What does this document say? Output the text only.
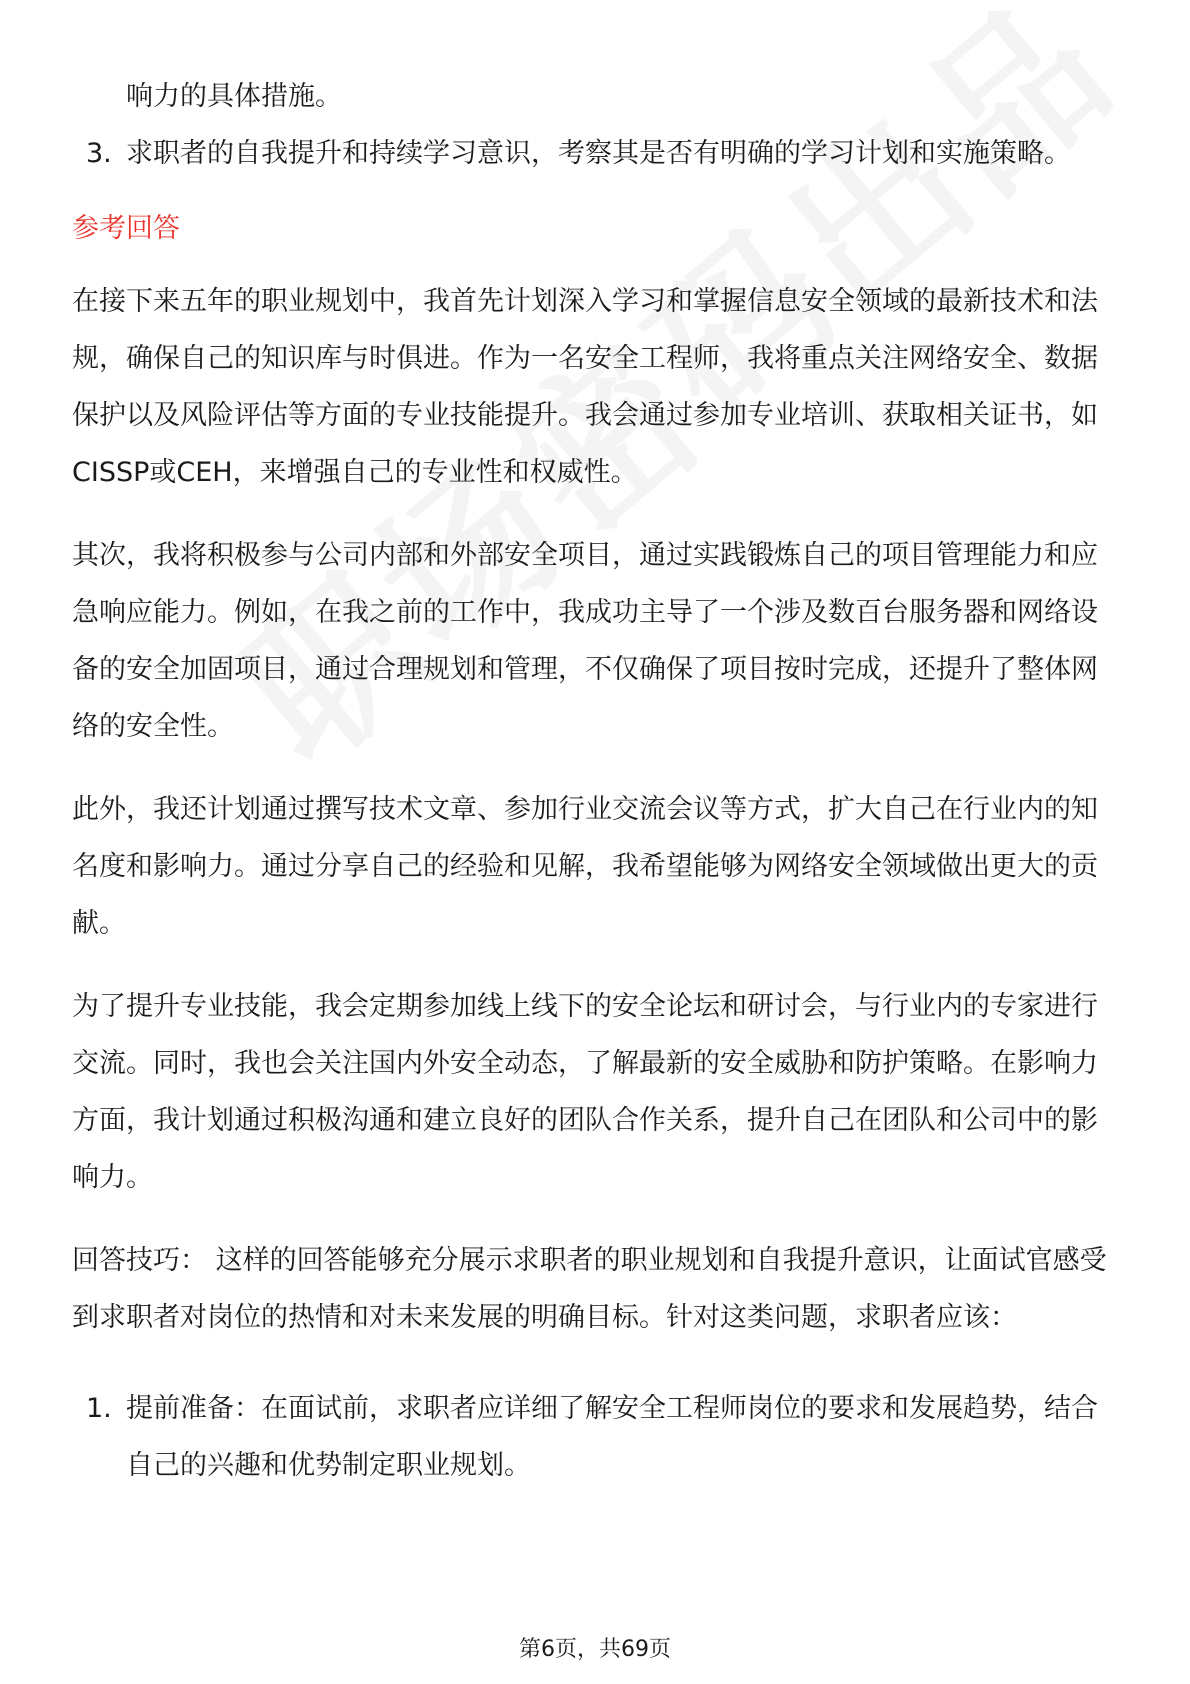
响力的具体措施。
3. 求职者的自我提升和持续学习意识，考察其是否有明确的学习计划和实施策略。
参考回答

在接下来五年的职业规划中，我首先计划深入学习和掌握信息安全领域的最新技术和法规，确保自己的知识库与时俱进。作为一名安全工程师，我将重点关注网络安全、数据保护以及风险评估等方面的专业技能提升。我会通过参加专业培训、获取相关证书，如CISSP或CEH，来增强自己的专业性和权威性。

其次，我将积极参与公司内部和外部安全项目，通过实践锻炼自己的项目管理能力和应急响应能力。例如，在我之前的工作中，我成功主导了一个涉及数百台服务器和网络设备的安全加固项目，通过合理规划和管理，不仅确保了项目按时完成，还提升了整体网络的安全性。

此外，我还计划通过撰写技术文章、参加行业交流会议等方式，扩大自己在行业内的知名度和影响力。通过分享自己的经验和见解，我希望能够为网络安全领域做出更大的贡献。

为了提升专业技能，我会定期参加线上线下的安全论坛和研讨会，与行业内的专家进行交流。同时，我也会关注国内外安全动态，了解最新的安全威胁和防护策略。在影响力方面，我计划通过积极沟通和建立良好的团队合作关系，提升自己在团队和公司中的影响力。

回答技巧： 这样的回答能够充分展示求职者的职业规划和自我提升意识，让面试官感受到求职者对岗位的热情和对未来发展的明确目标。针对这类问题，求职者应该：

1. 提前准备：在面试前，求职者应详细了解安全工程师岗位的要求和发展趋势，结合自己的兴趣和优势制定职业规划。
第6页，共69页
